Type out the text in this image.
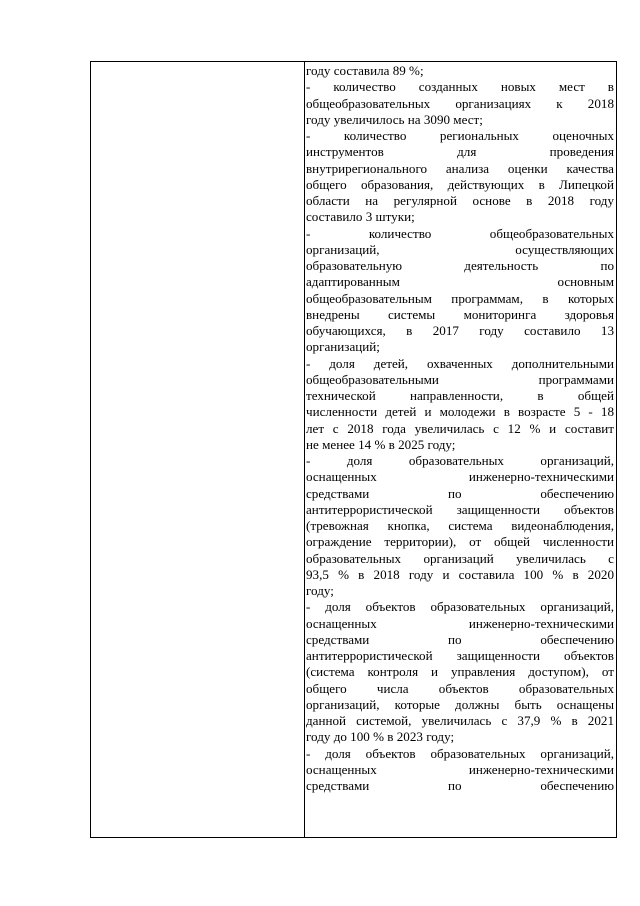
году составила 89 %;
- количество созданных новых мест в
общеобразовательных организациях к 2018
году увеличилось на 3090 мест;
- количество региональных оценочных
инструментов для проведения
внутрирегионального анализа оценки качества
общего образования, действующих в Липецкой
области на регулярной основе в 2018 году
составило 3 штуки;
- количество общеобразовательных
организаций, осуществляющих
образовательную деятельность по
адаптированным основным
общеобразовательным программам, в которых
внедрены системы мониторинга здоровья
обучающихся, в 2017 году составило 13
организаций;
- доля детей, охваченных дополнительными
общеобразовательными программами
технической направленности, в общей
численности детей и молодежи в возрасте 5 - 18
лет с 2018 года увеличилась с 12 % и составит
не менее 14 % в 2025 году;
- доля образовательных организаций,
оснащенных инженерно-техническими
средствами по обеспечению
антитеррористической защищенности объектов
(тревожная кнопка, система видеонаблюдения,
ограждение территории), от общей численности
образовательных организаций увеличилась с
93,5 % в 2018 году и составила 100 % в 2020
году;
- доля объектов образовательных организаций,
оснащенных инженерно-техническими
средствами по обеспечению
антитеррористической защищенности объектов
(система контроля и управления доступом), от
общего числа объектов образовательных
организаций, которые должны быть оснащены
данной системой, увеличилась с 37,9 % в 2021
году до 100 % в 2023 году;
- доля объектов образовательных организаций,
оснащенных инженерно-техническими
средствами по обеспечению
